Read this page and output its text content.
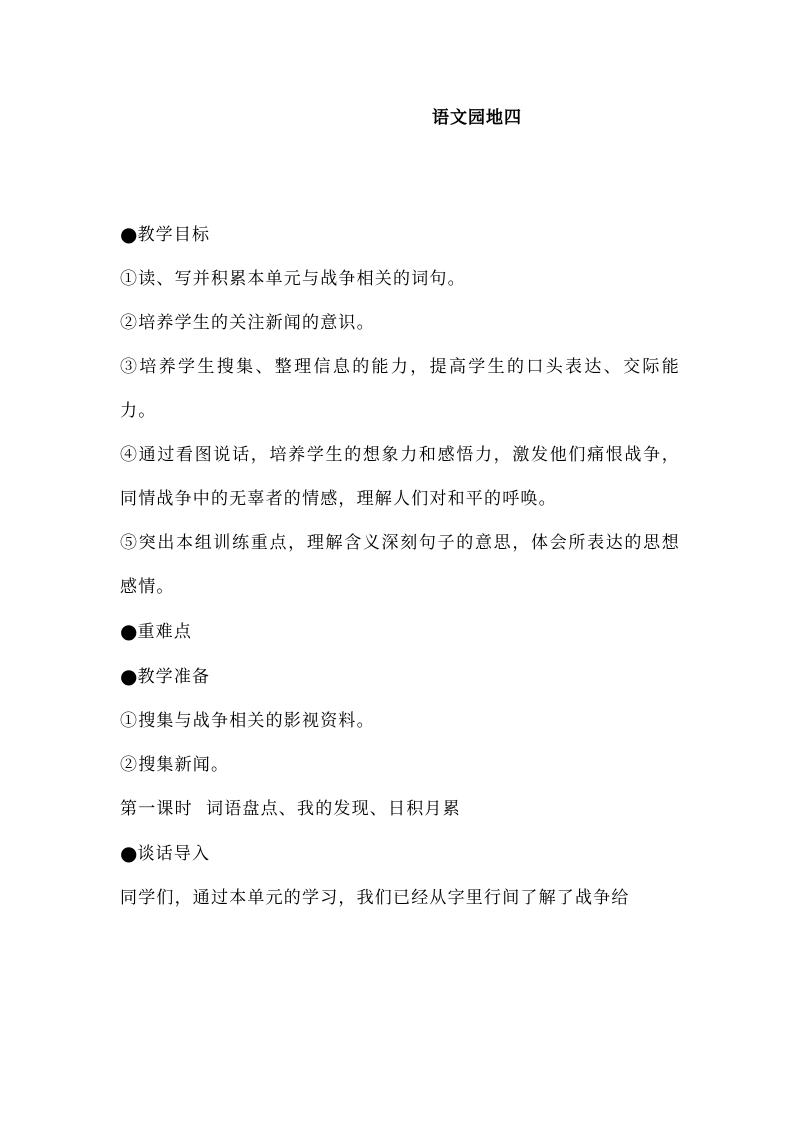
语文园地四

●教学目标

①读、写并积累本单元与战争相关的词句。

②培养学生的关注新闻的意识。

③培养学生搜集、整理信息的能力，提高学生的口头表达、交际能力。

④通过看图说话，培养学生的想象力和感悟力，激发他们痛恨战争，同情战争中的无辜者的情感，理解人们对和平的呼唤。

⑤突出本组训练重点，理解含义深刻句子的意思，体会所表达的思想感情。

●重难点

●教学准备

①搜集与战争相关的影视资料。

②搜集新闻。

第一课时  词语盘点、我的发现、日积月累

●谈话导入

同学们，通过本单元的学习，我们已经从字里行间了解了战争给
